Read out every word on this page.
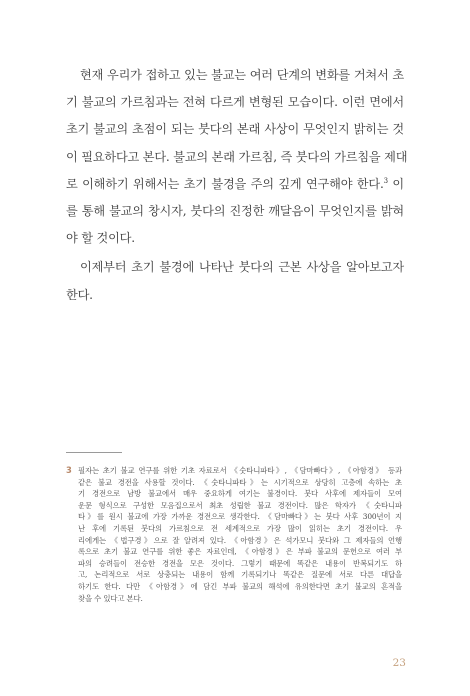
현재 우리가 접하고 있는 불교는 여러 단계의 변화를 거쳐서 초
기 불교의 가르침과는 전혀 다르게 변형된 모습이다. 이런 면에서
초기 불교의 초점이 되는 붓다의 본래 사상이 무엇인지 밝히는 것
이 필요하다고 본다. 불교의 본래 가르침, 즉 붓다의 가르침을 제대
로 이해하기 위해서는 초기 불경을 주의 깊게 연구해야 한다.$^3$ 이
를 통해 불교의 창시자, 붓다의 진정한 깨달음이 무엇인지를 밝혀
야 할 것이다.
이제부터 초기 불경에 나타난 붓다의 근본 사상을 알아보고자
한다.
3 필자는 초기 불교 연구를 위한 기초 자료로서 《숫타니파타》, 《담마빠다》, 《아함경》 등과
같은 불교 경전을 사용할 것이다. 《숫타니파타》는 시기적으로 상당히 고층에 속하는 초
기 경전으로 남방 불교에서 매우 중요하게 여기는 불경이다. 붓다 사후에 제자들이 모여
운문 형식으로 구성한 모음집으로서 최초 성립한 불교 경전이다. 많은 학자가 《숫타니파
타》를 원시 불교에 가장 가까운 경전으로 생각한다. 《담마빠다》는 붓다 사후 300년이 지
난 후에 기록된 붓다의 가르침으로 전 세계적으로 가장 많이 읽히는 초기 경전이다. 우
리에게는 《법구경》으로 잘 알려져 있다. 《아함경》은 석가모니 붓다와 그 제자들의 언행
록으로 초기 불교 연구를 위한 좋은 자료인데, 《아함경》은 부파 불교의 문헌으로 여러 부
파의 승려들이 전승한 경전을 모은 것이다. 그렇기 때문에 똑같은 내용이 반복되기도 하
고, 논리적으로 서로 상충되는 내용이 함께 기록되기나 똑같은 질문에 서로 다른 대답을
하기도 한다. 다만 《아함경》에 담긴 부파 불교의 해석에 유의한다면 초기 불교의 흔적을
찾을 수 있다고 본다.
23
